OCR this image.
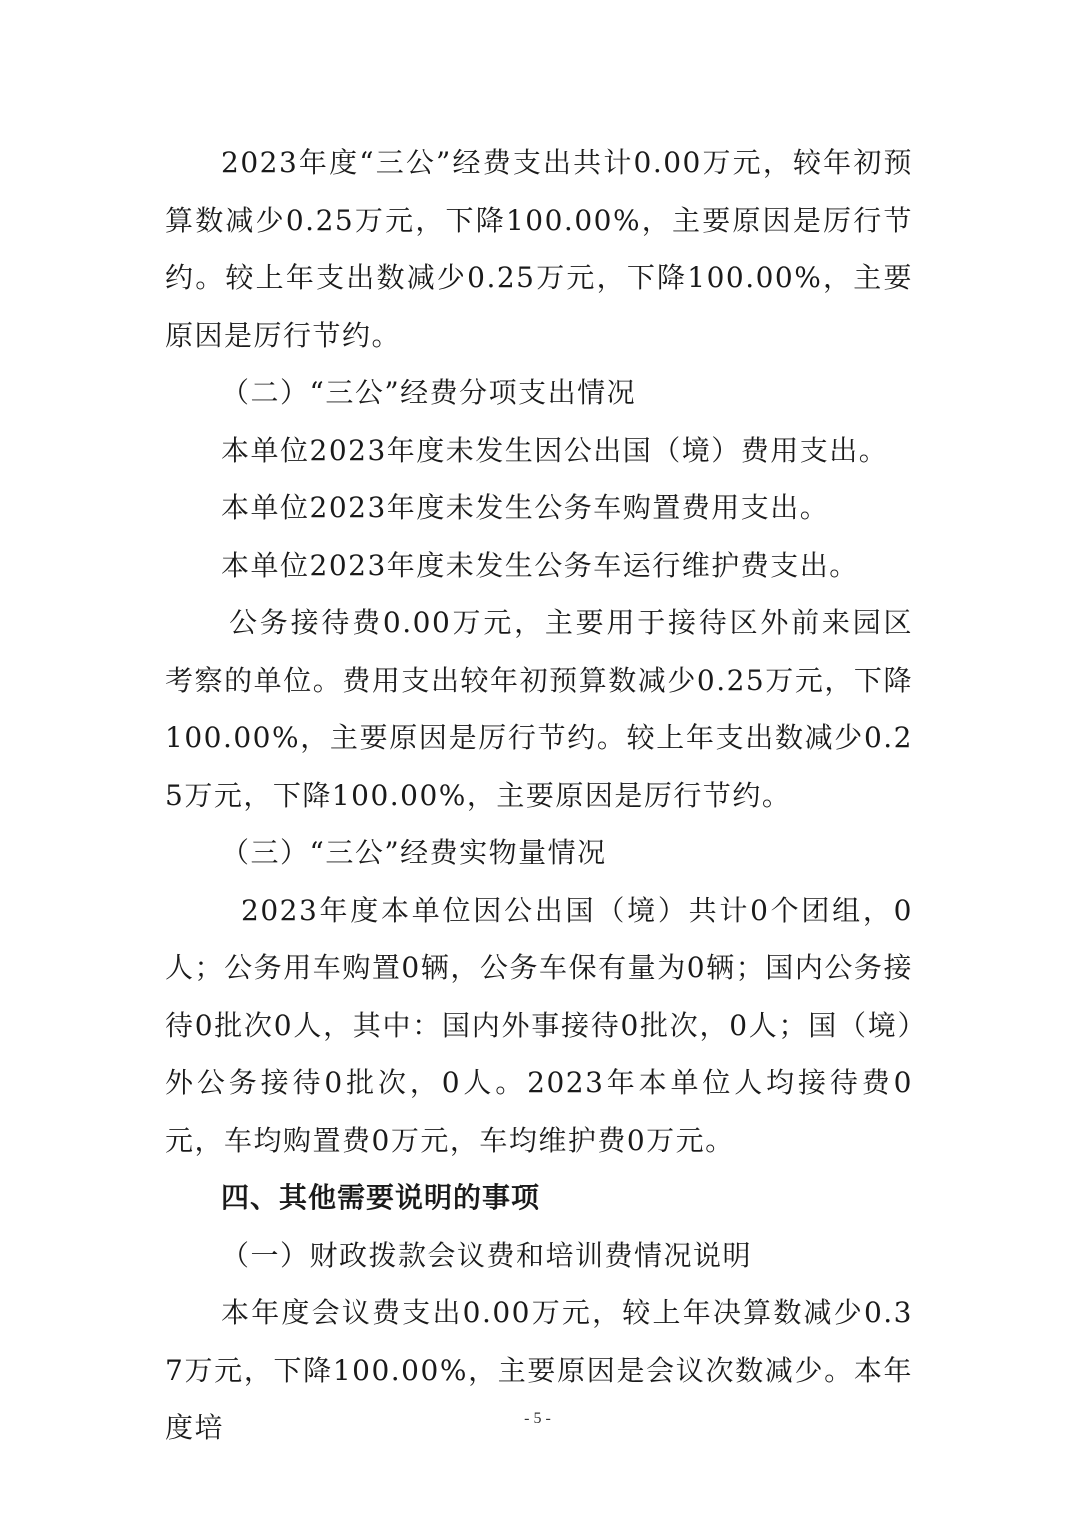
2023年度“三公”经费支出共计0.00万元，较年初预算数减少0.25万元，下降100.00%，主要原因是厉行节约。较上年支出数减少0.25万元，下降100.00%，主要原因是厉行节约。

（二）“三公”经费分项支出情况

本单位2023年度未发生因公出国（境）费用支出。

本单位2023年度未发生公务车购置费用支出。

本单位2023年度未发生公务车运行维护费支出。

公务接待费0.00万元，主要用于接待区外前来园区考察的单位。费用支出较年初预算数减少0.25万元，下降100.00%，主要原因是厉行节约。较上年支出数减少0.25万元，下降100.00%，主要原因是厉行节约。

（三）“三公”经费实物量情况

2023年度本单位因公出国（境）共计0个团组，0人；公务用车购置0辆，公务车保有量为0辆；国内公务接待0批次0人，其中：国内外事接待0批次，0人；国（境）外公务接待0批次，0人。2023年本单位人均接待费0元，车均购置费0万元，车均维护费0万元。

四、其他需要说明的事项

（一）财政拨款会议费和培训费情况说明

本年度会议费支出0.00万元，较上年决算数减少0.37万元，下降100.00%，主要原因是会议次数减少。本年度培	- 5 -
